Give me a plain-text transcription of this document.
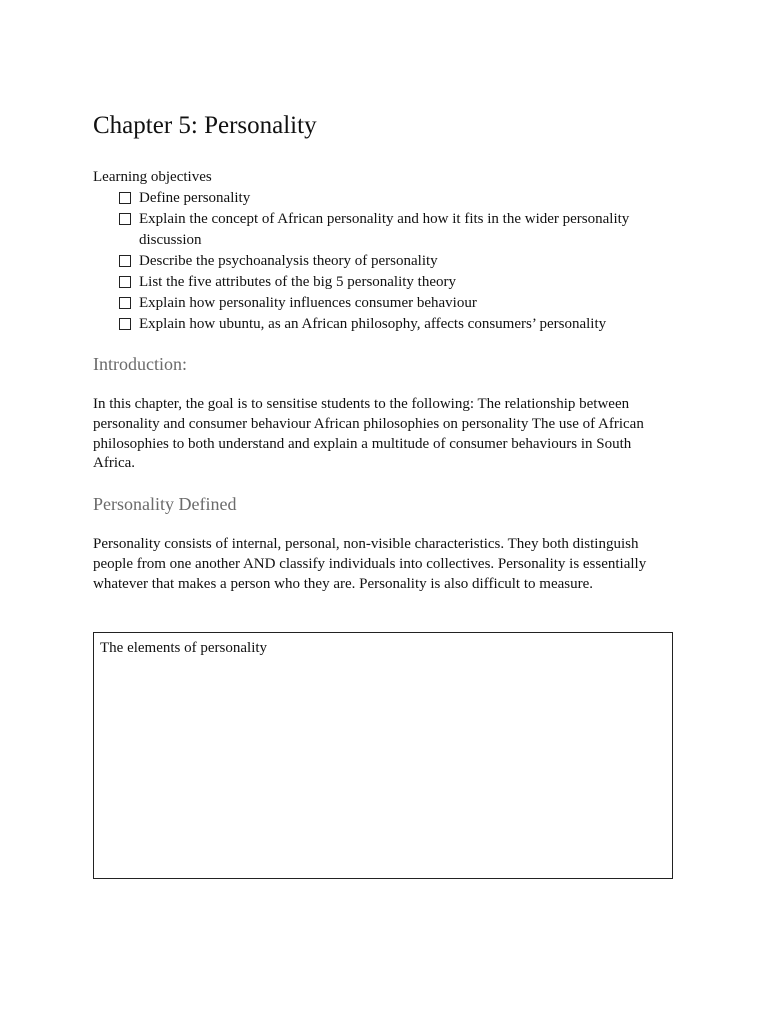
Chapter 5: Personality
Learning objectives
Define personality
Explain the concept of African personality and how it fits in the wider personality discussion
Describe the psychoanalysis theory of personality
List the five attributes of the big 5 personality theory
Explain how personality influences consumer behaviour
Explain how ubuntu, as an African philosophy, affects consumers’ personality
Introduction:

In this chapter, the goal is to sensitise students to the following: The relationship between personality and consumer behaviour African philosophies on personality The use of African philosophies to both understand and explain a multitude of consumer behaviours in South Africa.

Personality Defined

Personality consists of internal, personal, non-visible characteristics. They both distinguish people from one another AND classify individuals into collectives. Personality is essentially whatever that makes a person who they are. Personality is also difficult to measure.

The elements of personality
